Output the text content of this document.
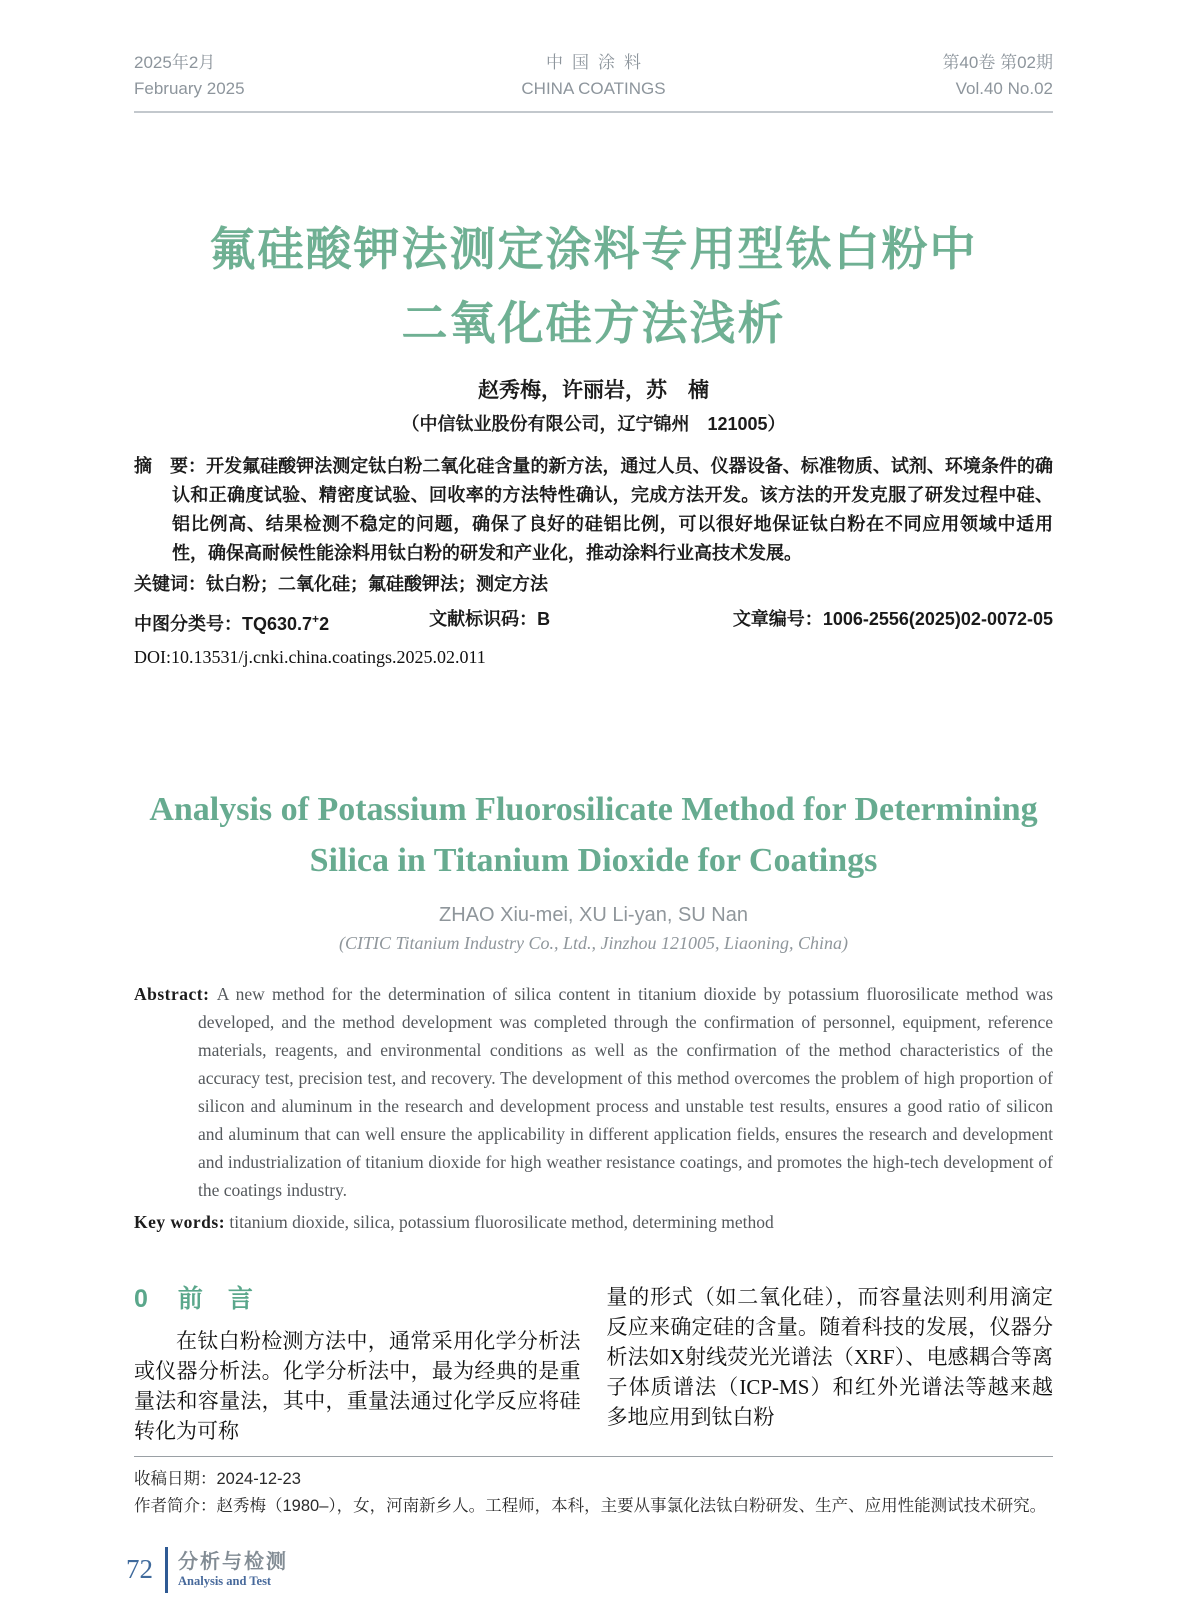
2025年2月
February 2025
中国涂料
CHINA COATINGS
第40卷 第02期
Vol.40 No.02
氟硅酸钾法测定涂料专用型钛白粉中
二氧化硅方法浅析
赵秀梅，许丽岩，苏　楠
（中信钛业股份有限公司，辽宁锦州　121005）

摘　要：开发氟硅酸钾法测定钛白粉二氧化硅含量的新方法，通过人员、仪器设备、标准物质、试剂、环境条件的确认和正确度试验、精密度试验、回收率的方法特性确认，完成方法开发。该方法的开发克服了研发过程中硅、铝比例高、结果检测不稳定的问题，确保了良好的硅铝比例，可以很好地保证钛白粉在不同应用领域中适用性，确保高耐候性能涂料用钛白粉的研发和产业化，推动涂料行业高技术发展。

关键词：钛白粉；二氧化硅；氟硅酸钾法；测定方法

中图分类号：TQ630.7+2	文献标识码：B	文章编号：1006-2556(2025)02-0072-05
DOI:10.13531/j.cnki.china.coatings.2025.02.011
Analysis of Potassium Fluorosilicate Method for Determining
Silica in Titanium Dioxide for Coatings
ZHAO Xiu-mei, XU Li-yan, SU Nan
(CITIC Titanium Industry Co., Ltd., Jinzhou 121005, Liaoning, China)

Abstract: A new method for the determination of silica content in titanium dioxide by potassium fluorosilicate method was developed, and the method development was completed through the confirmation of personnel, equipment, reference materials, reagents, and environmental conditions as well as the confirmation of the method characteristics of the accuracy test, precision test, and recovery. The development of this method overcomes the problem of high proportion of silicon and aluminum in the research and development process and unstable test results, ensures a good ratio of silicon and aluminum that can well ensure the applicability in different application fields, ensures the research and development and industrialization of titanium dioxide for high weather resistance coatings, and promotes the high-tech development of the coatings industry.

Key words: titanium dioxide, silica, potassium fluorosilicate method, determining method

0 前　言

在钛白粉检测方法中，通常采用化学分析法或仪器分析法。化学分析法中，最为经典的是重量法和容量法，其中，重量法通过化学反应将硅转化为可称

量的形式（如二氧化硅），而容量法则利用滴定反应来确定硅的含量。随着科技的发展，仪器分析法如X射线荧光光谱法（XRF）、电感耦合等离子体质谱法（ICP-MS）和红外光谱法等越来越多地应用到钛白粉

收稿日期：2024-12-23

作者简介：赵秀梅（1980–），女，河南新乡人。工程师，本科，主要从事氯化法钛白粉研发、生产、应用性能测试技术研究。

72 分析与检测
Analysis and Test
